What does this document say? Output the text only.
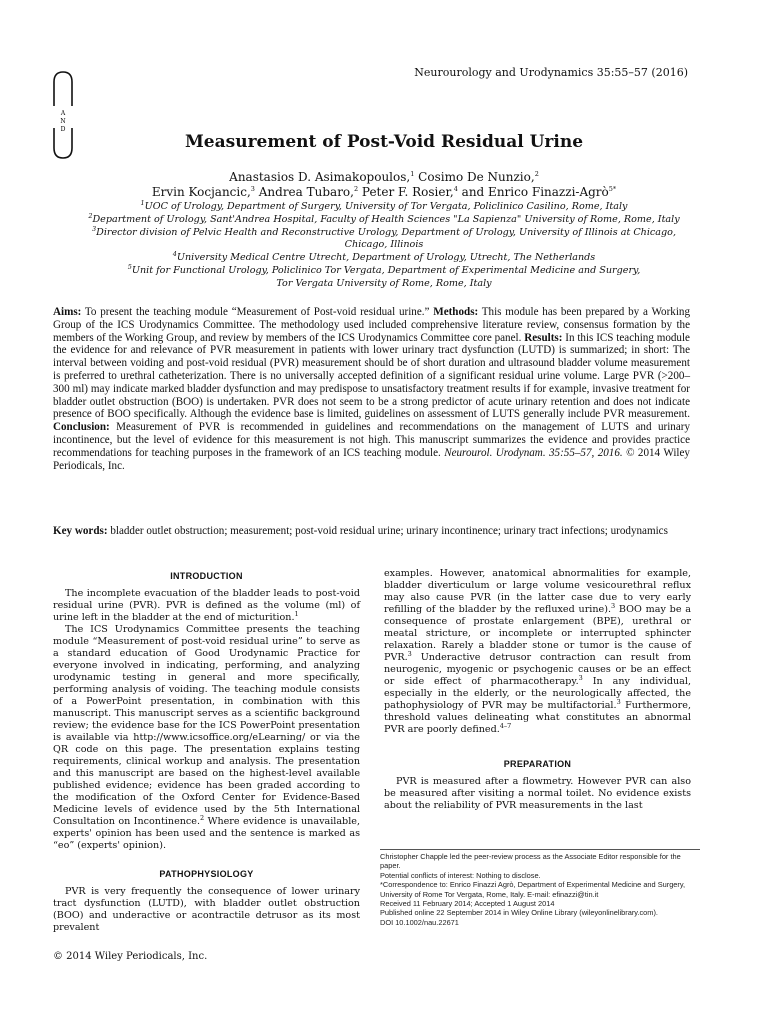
A
N
D
Neurourology and Urodynamics 35:55–57 (2016)
Measurement of Post-Void Residual Urine
Anastasios D. Asimakopoulos,$^1$ Cosimo De Nunzio,$^2$
Ervin Kocjancic,$^3$ Andrea Tubaro,$^2$ Peter F. Rosier,$^4$ and Enrico Finazzi-Agrò$^{5*}$
$^1$UOC of Urology, Department of Surgery, University of Tor Vergata, Policlinico Casilino, Rome, Italy
$^2$Department of Urology, Sant'Andrea Hospital, Faculty of Health Sciences "La Sapienza" University of Rome, Rome, Italy
$^3$Director division of Pelvic Health and Reconstructive Urology, Department of Urology, University of Illinois at Chicago,
Chicago, Illinois
$^4$University Medical Centre Utrecht, Department of Urology, Utrecht, The Netherlands
$^5$Unit for Functional Urology, Policlinico Tor Vergata, Department of Experimental Medicine and Surgery,
Tor Vergata University of Rome, Rome, Italy
Aims: To present the teaching module “Measurement of Post-void residual urine.” Methods: This module has been prepared by a Working Group of the ICS Urodynamics Committee. The methodology used included comprehensive literature review, consensus formation by the members of the Working Group, and review by members of the ICS Urodynamics Committee core panel. Results: In this ICS teaching module the evidence for and relevance of PVR measurement in patients with lower urinary tract dysfunction (LUTD) is summarized; in short: The interval between voiding and post-void residual (PVR) measurement should be of short duration and ultrasound bladder volume measurement is preferred to urethral catheterization. There is no universally accepted definition of a significant residual urine volume. Large PVR (>200–300 ml) may indicate marked bladder dysfunction and may predispose to unsatisfactory treatment results if for example, invasive treatment for bladder outlet obstruction (BOO) is undertaken. PVR does not seem to be a strong predictor of acute urinary retention and does not indicate presence of BOO specifically. Although the evidence base is limited, guidelines on assessment of LUTS generally include PVR measurement. Conclusion: Measurement of PVR is recommended in guidelines and recommendations on the management of LUTS and urinary incontinence, but the level of evidence for this measurement is not high. This manuscript summarizes the evidence and provides practice recommendations for teaching purposes in the framework of an ICS teaching module. Neurourol. Urodynam. 35:55–57, 2016. © 2014 Wiley Periodicals, Inc.
Key words: bladder outlet obstruction; measurement; post-void residual urine; urinary incontinence; urinary tract infections; urodynamics
INTRODUCTION

The incomplete evacuation of the bladder leads to post-void residual urine (PVR). PVR is defined as the volume (ml) of urine left in the bladder at the end of micturition.$^1$

The ICS Urodynamics Committee presents the teaching module “Measurement of post-void residual urine” to serve as a standard education of Good Urodynamic Practice for everyone involved in indicating, performing, and analyzing urodynamic testing in general and more specifically, performing analysis of voiding. The teaching module consists of a PowerPoint presentation, in combination with this manuscript. This manuscript serves as a scientific background review; the evidence base for the ICS PowerPoint presentation is available via http://www.icsoffice.org/eLearning/ or via the QR code on this page. The presentation explains testing requirements, clinical workup and analysis. The presentation and this manuscript are based on the highest-level available published evidence; evidence has been graded according to the modification of the Oxford Center for Evidence-Based Medicine levels of evidence used by the 5th International Consultation on Incontinence.$^2$ Where evidence is unavailable, experts' opinion has been used and the sentence is marked as “eo” (experts' opinion).

PATHOPHYSIOLOGY

PVR is very frequently the consequence of lower urinary tract dysfunction (LUTD), with bladder outlet obstruction (BOO) and underactive or acontractile detrusor as its most prevalent

examples. However, anatomical abnormalities for example, bladder diverticulum or large volume vesicourethral reflux may also cause PVR (in the latter case due to very early refilling of the bladder by the refluxed urine).$^3$ BOO may be a consequence of prostate enlargement (BPE), urethral or meatal stricture, or incomplete or interrupted sphincter relaxation. Rarely a bladder stone or tumor is the cause of PVR.$^3$ Underactive detrusor contraction can result from neurogenic, myogenic or psychogenic causes or be an effect or side effect of pharmacotherapy.$^3$ In any individual, especially in the elderly, or the neurologically affected, the pathophysiology of PVR may be multifactorial.$^3$ Furthermore, threshold values delineating what constitutes an abnormal PVR are poorly defined.$^{4-7}$

PREPARATION

PVR is measured after a flowmetry. However PVR can also be measured after visiting a normal toilet. No evidence exists about the reliability of PVR measurements in the last

Christopher Chapple led the peer-review process as the Associate Editor responsible for the paper.

Potential conflicts of interest: Nothing to disclose.

*Correspondence to: Enrico Finazzi Agrò, Department of Experimental Medicine and Surgery, University of Rome Tor Vergata, Rome, Italy. E-mail: efinazzi@tin.it

Received 11 February 2014; Accepted 1 August 2014

Published online 22 September 2014 in Wiley Online Library (wileyonlinelibrary.com).

DOI 10.1002/nau.22671

© 2014 Wiley Periodicals, Inc.
